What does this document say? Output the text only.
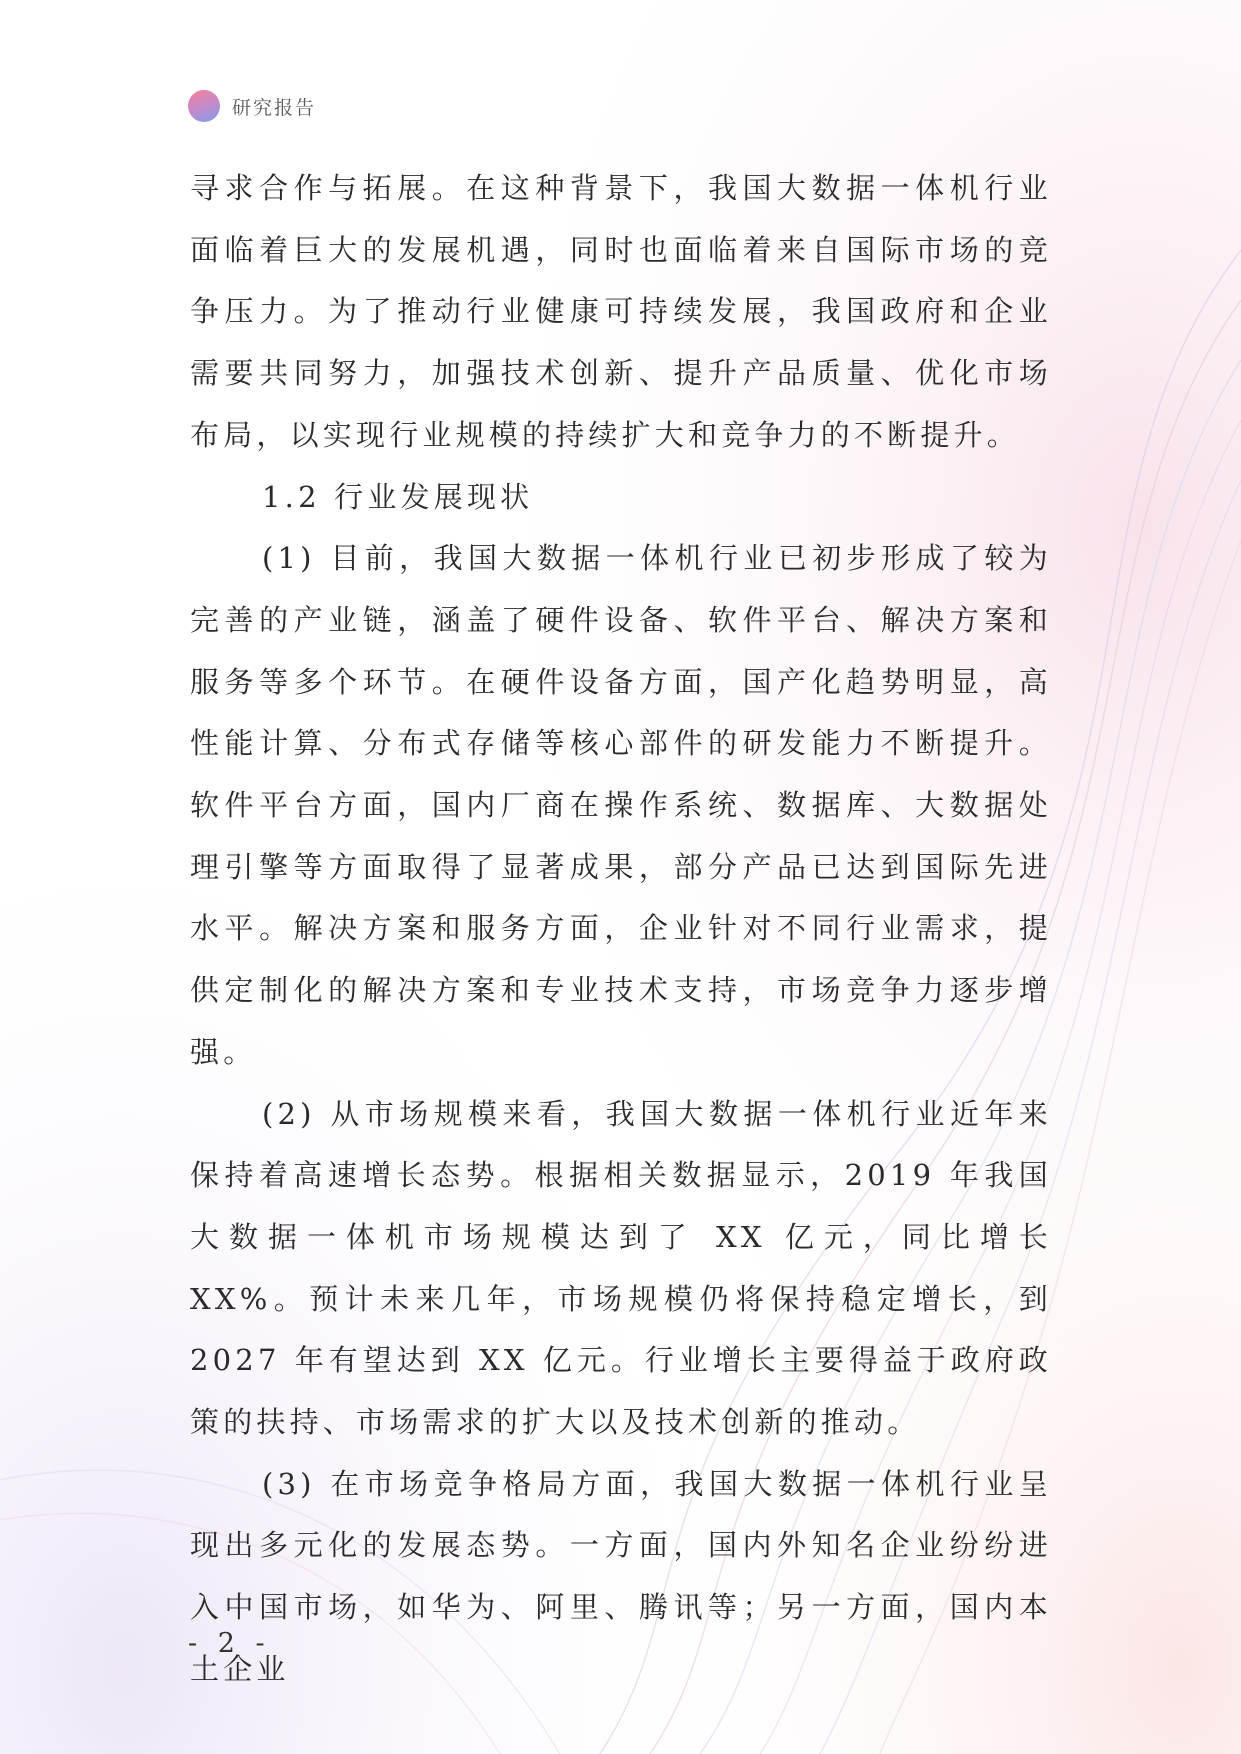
研究报告

寻求合作与拓展。在这种背景下，我国大数据一体机行业面临着巨大的发展机遇，同时也面临着来自国际市场的竞争压力。为了推动行业健康可持续发展，我国政府和企业需要共同努力，加强技术创新、提升产品质量、优化市场布局，以实现行业规模的持续扩大和竞争力的不断提升。

1.2 行业发展现状

(1) 目前，我国大数据一体机行业已初步形成了较为完善的产业链，涵盖了硬件设备、软件平台、解决方案和服务等多个环节。在硬件设备方面，国产化趋势明显，高性能计算、分布式存储等核心部件的研发能力不断提升。软件平台方面，国内厂商在操作系统、数据库、大数据处理引擎等方面取得了显著成果，部分产品已达到国际先进水平。解决方案和服务方面，企业针对不同行业需求，提供定制化的解决方案和专业技术支持，市场竞争力逐步增强。

(2) 从市场规模来看，我国大数据一体机行业近年来保持着高速增长态势。根据相关数据显示，2019 年我国大数据一体机市场规模达到了 XX 亿元，同比增长 XX%。预计未来几年，市场规模仍将保持稳定增长，到 2027 年有望达到 XX 亿元。行业增长主要得益于政府政策的扶持、市场需求的扩大以及技术创新的推动。

(3) 在市场竞争格局方面，我国大数据一体机行业呈现出多元化的发展态势。一方面，国内外知名企业纷纷进入中国市场，如华为、阿里、腾讯等；另一方面，国内本土企业

- 2 -
